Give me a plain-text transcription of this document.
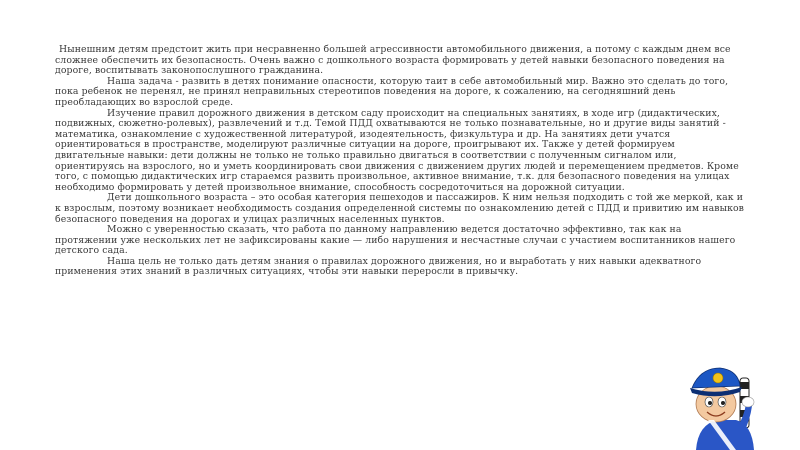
Нынешним детям предстоит жить при несравненно большей агрессивности автомобильного движения, а потому с каждым днем все сложнее обеспечить их безопасность. Очень важно с дошкольного возраста формировать у детей навыки безопасного поведения на дороге, воспитывать законопослушного гражданина.

Наша задача - развить в детях понимание опасности, которую таит в себе автомобильный мир. Важно это сделать до того, пока ребенок не перенял, не принял неправильных стереотипов поведения на дороге, к сожалению, на сегодняшний день преобладающих во взрослой среде.

Изучение правил дорожного движения в детском саду происходит на специальных занятиях, в ходе игр (дидактических, подвижных, сюжетно-ролевых), развлечений и т.д. Темой ПДД охватываются не только познавательные, но и другие виды занятий - математика, ознакомление с художественной литературой, изодеятельность, физкультура и др. На занятиях дети учатся ориентироваться в пространстве, моделируют различные ситуации на дороге, проигрывают их. Также у детей формируем двигательные навыки: дети должны не только не только правильно двигаться в соответствии с полученным сигналом или, ориентируясь на взрослого, но и уметь координировать свои движения с движением других людей и перемещением предметов. Кроме того, с помощью дидактических игр стараемся развить произвольное, активное внимание, т.к. для безопасного поведения на улицах необходимо формировать у детей произвольное внимание, способность сосредоточиться на дорожной ситуации.

Дети дошкольного возраста – это особая категория пешеходов и пассажиров. К ним нельзя подходить с той же меркой, как и к взрослым, поэтому возникает необходимость создания определенной системы по ознакомлению детей с ПДД и привитию им навыков безопасного поведения на дорогах и улицах различных населенных пунктов.

Можно с уверенностью сказать, что работа по данному направлению ведется достаточно эффективно, так как на протяжении уже нескольких лет не зафиксированы какие — либо нарушения и несчастные случаи с участием воспитанников нашего детского сада.

Наша цель не только дать детям знания о правилах дорожного движения, но и выработать у них навыки адекватного применения этих знаний в различных ситуациях, чтобы эти навыки переросли в привычку.
